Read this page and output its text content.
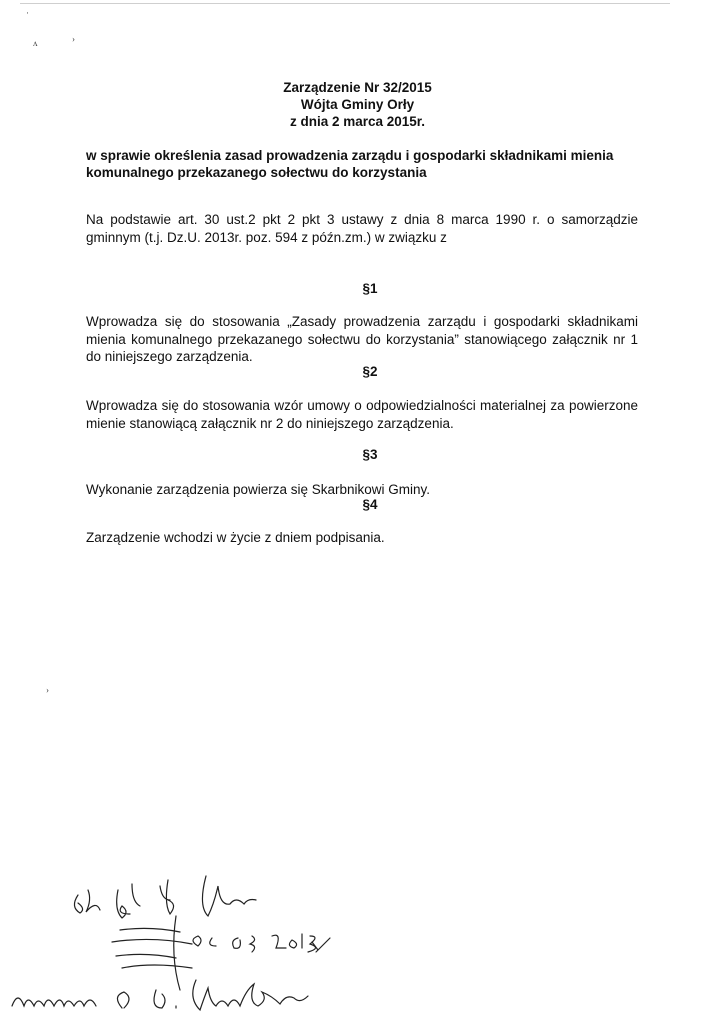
·
ʌ	›
›
Zarządzenie Nr 32/2015
Wójta Gminy Orły
z dnia 2 marca 2015r.
w sprawie określenia zasad prowadzenia zarządu i gospodarki składnikami mienia komunalnego przekazanego sołectwu do korzystania
Na podstawie art. 30 ust.2 pkt 2 pkt 3 ustawy z dnia 8 marca 1990 r. o samorządzie gminnym (t.j. Dz.U. 2013r. poz. 594 z późn.zm.) w związku z
§1
Wprowadza się do stosowania „Zasady prowadzenia zarządu i gospodarki składnikami mienia komunalnego przekazanego sołectwu do korzystania” stanowiącego załącznik nr 1 do niniejszego zarządzenia.
§2
Wprowadza się do stosowania wzór umowy o odpowiedzialności materialnej za powierzone mienie stanowiącą załącznik nr 2 do niniejszego zarządzenia.
§3
Wykonanie zarządzenia powierza się Skarbnikowi Gminy.
§4
Zarządzenie wchodzi w życie z dniem podpisania.
